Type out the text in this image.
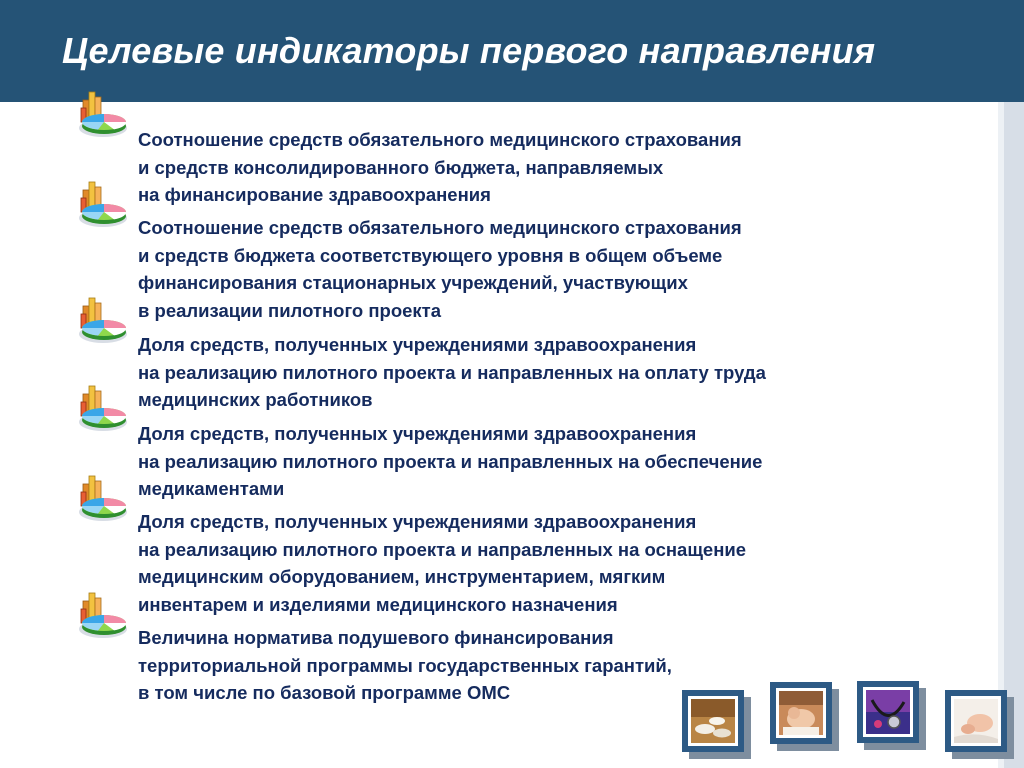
Целевые индикаторы первого направления
Соотношение средств обязательного медицинского страхования
и средств консолидированного бюджета, направляемых
на финансирование здравоохранения
Соотношение средств обязательного медицинского страхования
и средств бюджета соответствующего уровня в общем объеме
финансирования стационарных учреждений, участвующих
в реализации пилотного проекта
Доля средств, полученных учреждениями здравоохранения
на реализацию пилотного проекта и направленных на оплату труда
медицинских работников
Доля средств, полученных учреждениями здравоохранения
на реализацию пилотного проекта и направленных на обеспечение
медикаментами
Доля средств, полученных учреждениями здравоохранения
на реализацию пилотного проекта и направленных на оснащение
медицинским оборудованием, инструментарием, мягким
инвентарем и изделиями медицинского назначения
Величина норматива подушевого финансирования
территориальной программы государственных гарантий,
в том числе по базовой программе ОМС
